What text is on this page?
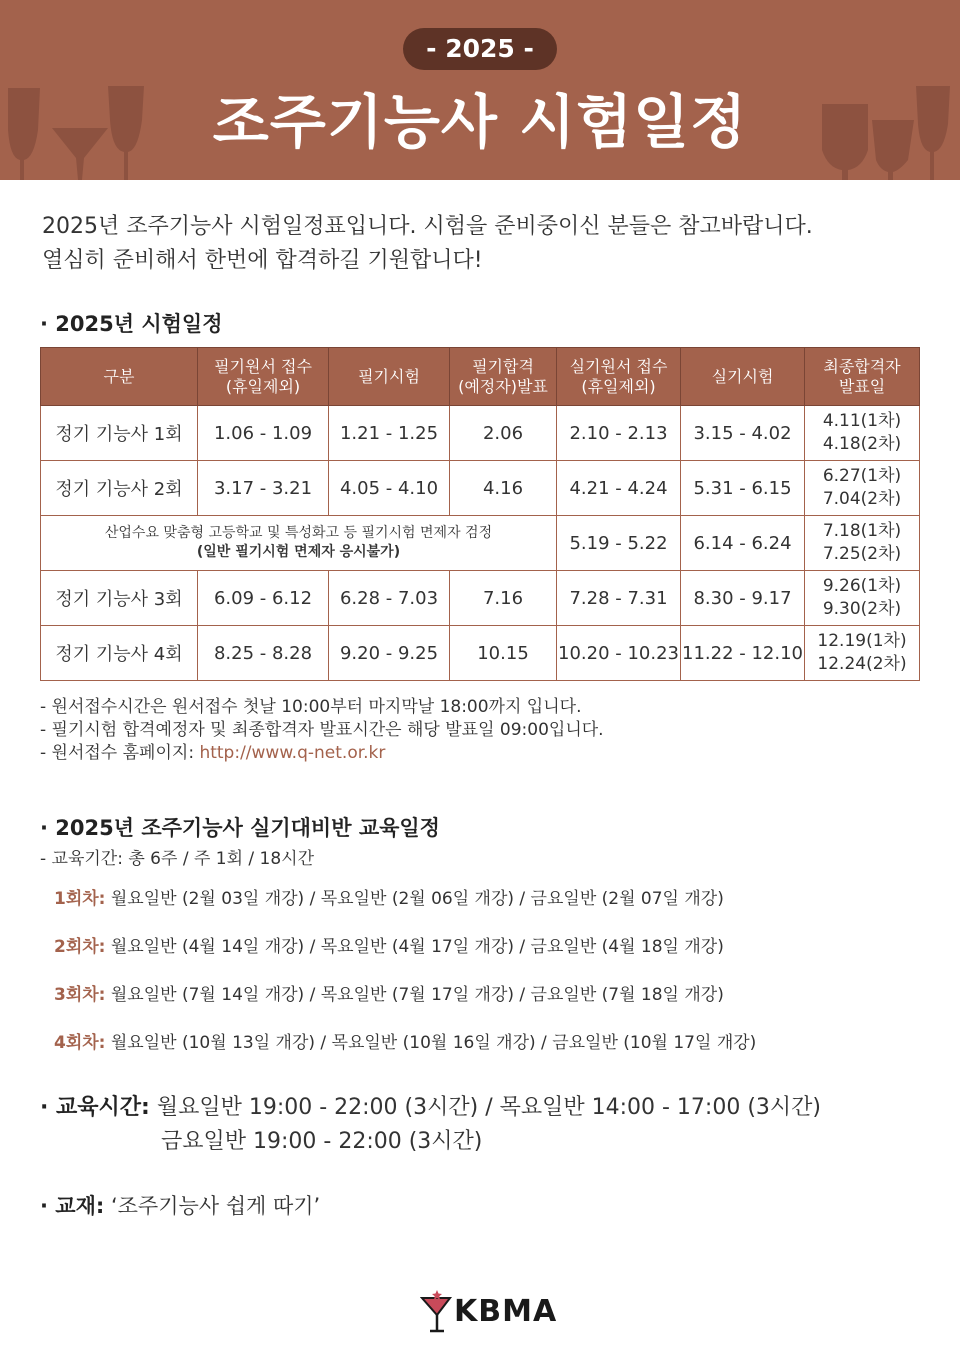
- 2025 -
조주기능사 시험일정

2025년 조주기능사 시험일정표입니다. 시험을 준비중이신 분들은 참고바랍니다.

열심히 준비해서 한번에 합격하길 기원합니다!

· 2025년 시험일정
구분	필기원서 접수
(휴일제외)	필기시험	필기합격
(예정자)발표	실기원서 접수
(휴일제외)	실기시험	최종합격자
발표일
정기 기능사 1회	1.06 - 1.09	1.21 - 1.25	2.06	2.10 - 2.13	3.15 - 4.02	4.11(1차)
4.18(2차)
정기 기능사 2회	3.17 - 3.21	4.05 - 4.10	4.16	4.21 - 4.24	5.31 - 6.15	6.27(1차)
7.04(2차)
산업수요 맞춤형 고등학교 및 특성화고 등 필기시험 면제자 검정
(일반 필기시험 면제자 응시불가)				5.19 - 5.22	6.14 - 6.24	7.18(1차)
7.25(2차)
정기 기능사 3회	6.09 - 6.12	6.28 - 7.03	7.16	7.28 - 7.31	8.30 - 9.17	9.26(1차)
9.30(2차)
정기 기능사 4회	8.25 - 8.28	9.20 - 9.25	10.15	10.20 - 10.23	11.22 - 12.10	12.19(1차)
12.24(2차)
- 원서접수시간은 원서접수 첫날 10:00부터 마지막날 18:00까지 입니다.
- 필기시험 합격예정자 및 최종합격자 발표시간은 해당 발표일 09:00입니다.
- 원서접수 홈페이지: http://www.q-net.or.kr
· 2025년 조주기능사 실기대비반 교육일정
- 교육기간: 총 6주 / 주 1회 / 18시간
1회차: 월요일반 (2월 03일 개강) / 목요일반 (2월 06일 개강) / 금요일반 (2월 07일 개강)
2회차: 월요일반 (4월 14일 개강) / 목요일반 (4월 17일 개강) / 금요일반 (4월 18일 개강)
3회차: 월요일반 (7월 14일 개강) / 목요일반 (7월 17일 개강) / 금요일반 (7월 18일 개강)
4회차: 월요일반 (10월 13일 개강) / 목요일반 (10월 16일 개강) / 금요일반 (10월 17일 개강)
· 교육시간: 월요일반 19:00 - 22:00 (3시간) / 목요일반 14:00 - 17:00 (3시간)
금요일반 19:00 - 22:00 (3시간)
· 교재: ‘조주기능사 쉽게 따기’
KBMA
